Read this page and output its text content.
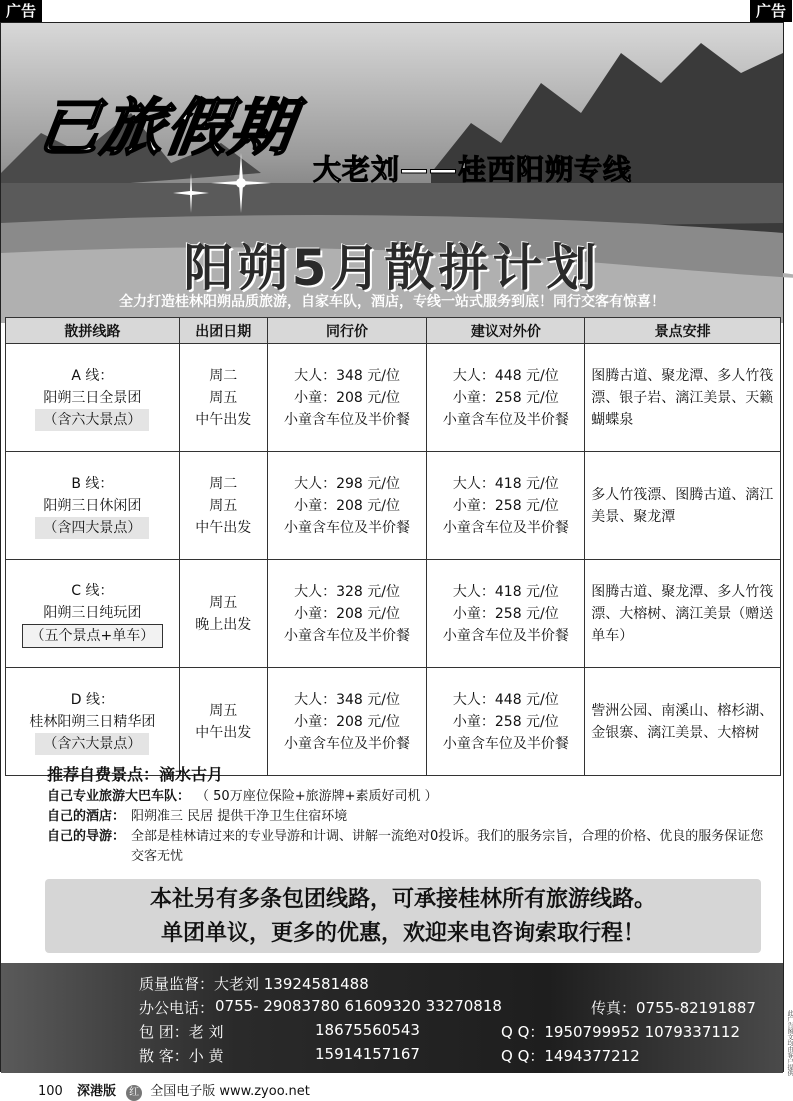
广告	广告
已旅假期
大老刘——桂西阳朔专线
阳朔5月散拼计划
全力打造桂林阳朔品质旅游，自家车队，酒店，专线一站式服务到底！同行交客有惊喜！
散拼线路	出团日期	同行价	建议对外价	景点安排

A 线：
阳朔三日全景团
（含六大景点）	周二
周五
中午出发	大人：348 元/位
小童：208 元/位
小童含车位及半价餐	大人：448 元/位
小童：258 元/位
小童含车位及半价餐	图腾古道、聚龙潭、多人竹筏漂、银子岩、漓江美景、天籁蝴蝶泉

B 线：
阳朔三日休闲团
（含四大景点）	周二
周五
中午出发	大人：298 元/位
小童：208 元/位
小童含车位及半价餐	大人：418 元/位
小童：258 元/位
小童含车位及半价餐	多人竹筏漂、图腾古道、漓江美景、聚龙潭

C 线：
阳朔三日纯玩团
（五个景点+单车）	周五
晚上出发	大人：328 元/位
小童：208 元/位
小童含车位及半价餐	大人：418 元/位
小童：258 元/位
小童含车位及半价餐	图腾古道、聚龙潭、多人竹筏漂、大榕树、漓江美景（赠送单车）

D 线：
桂林阳朔三日精华团
（含六大景点）	周五
中午出发	大人：348 元/位
小童：208 元/位
小童含车位及半价餐	大人：448 元/位
小童：258 元/位
小童含车位及半价餐	訾洲公园、南溪山、榕杉湖、金银寨、漓江美景、大榕树
推荐自费景点：滴水古月
自己专业旅游大巴车队： （ 50万座位保险+旅游牌+素质好司机 ）
自己的酒店： 阳朔准三 民居 提供干净卫生住宿环境
自己的导游： 全部是桂林请过来的专业导游和计调、讲解一流绝对0投诉。我们的服务宗旨，合理的价格、优良的服务保证您交客无忧
本社另有多条包团线路，可承接桂林所有旅游线路。
单团单议，更多的优惠，欢迎来电咨询索取行程！
质量监督：大老刘 13924581488
办公电话： 0755- 29083780 61609320 33270818	传真：0755-82191887
包 团：老 刘	18675560543	Q Q：1950799952 1079337112
散 客：小 黄	15914157167	Q Q：1494377212
100 深港版 红 全国电子版 www.zyoo.net
此广告图文均由客户提供
